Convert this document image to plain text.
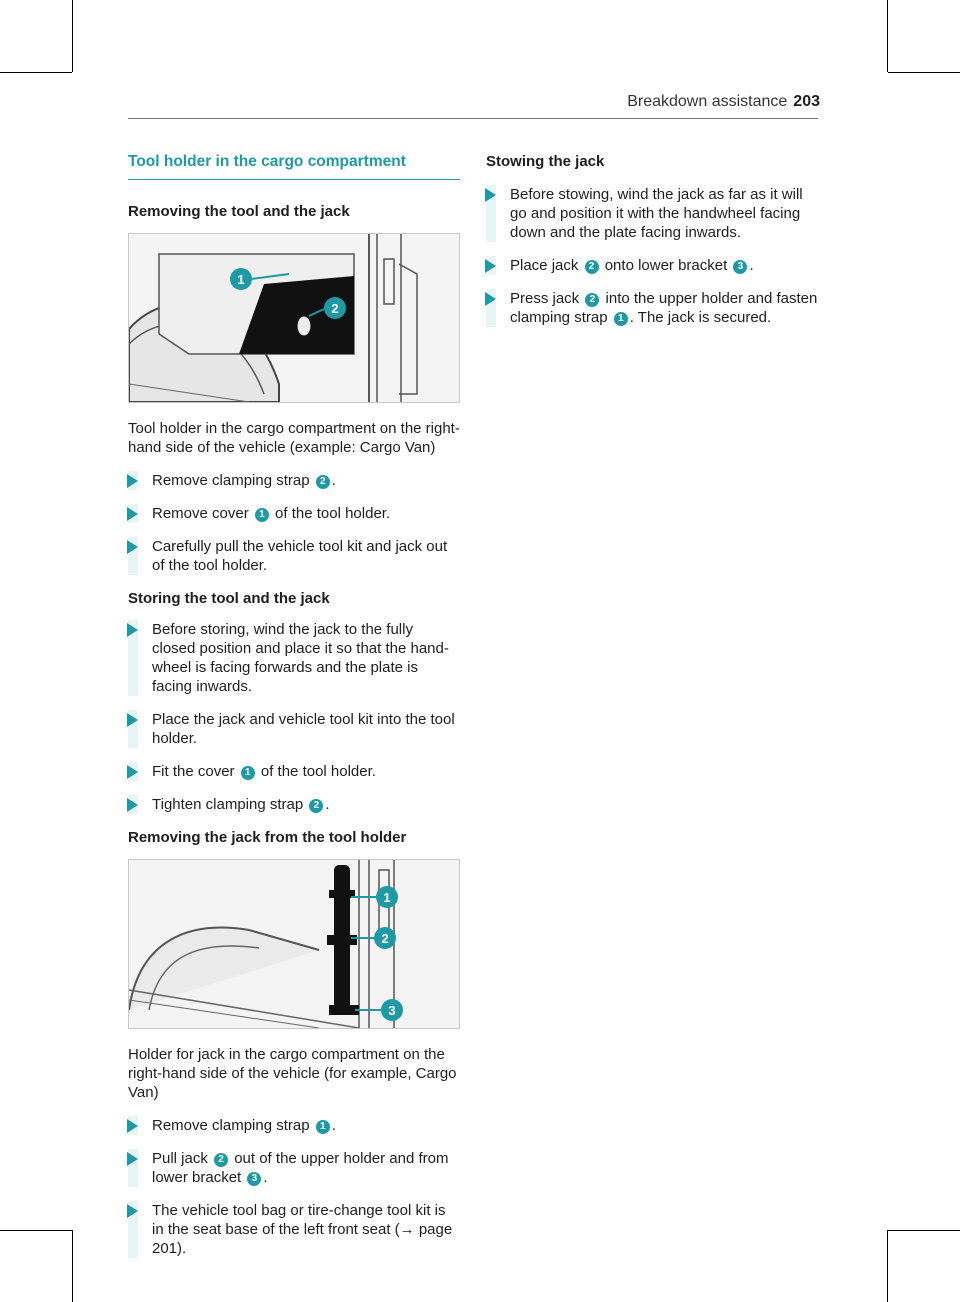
Breakdown assistance 203
Tool holder in the cargo compartment
Removing the tool and the jack
1
2
Tool holder in the cargo compartment on the right-hand side of the vehicle (example: Cargo Van)
Remove clamping strap 2 .
Remove cover 1 of the tool holder.
Carefully pull the vehicle tool kit and jack out of the tool holder.
Storing the tool and the jack
Before storing, wind the jack to the fully closed position and place it so that the handwheel is facing forwards and the plate is facing inwards.
Place the jack and vehicle tool kit into the tool holder.
Fit the cover 1 of the tool holder.
Tighten clamping strap 2 .
Removing the jack from the tool holder
1
2
3
Holder for jack in the cargo compartment on the right-hand side of the vehicle (for example, Cargo Van)
Remove clamping strap 1 .
Pull jack 2 out of the upper holder and from lower bracket 3 .
The vehicle tool bag or tire-change tool kit is in the seat base of the left front seat (→ page 201).
Stowing the jack
Before stowing, wind the jack as far as it will go and position it with the handwheel facing down and the plate facing inwards.
Place jack 2 onto lower bracket 3 .
Press jack 2 into the upper holder and fasten clamping strap 1 . The jack is secured.
